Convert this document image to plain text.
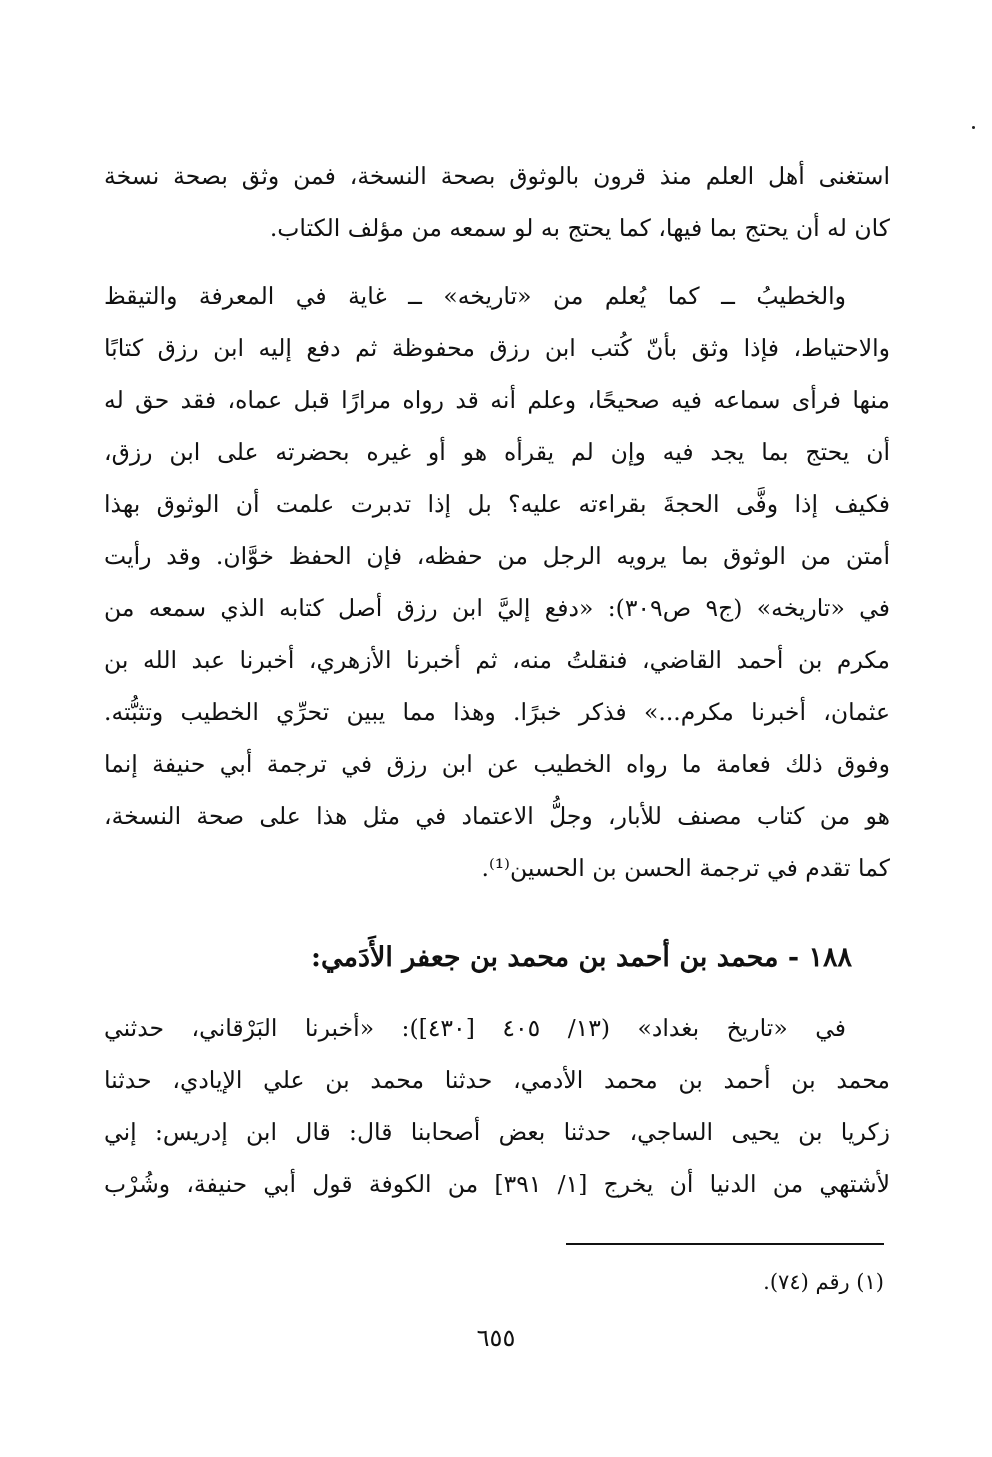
استغنى أهل العلم منذ قرون بالوثوق بصحة النسخة، فمن وثق بصحة نسخة
كان له أن يحتج بما فيها، كما يحتج به لو سمعه من مؤلف الكتاب.
والخطيبُ ــ كما يُعلم من «تاريخه» ــ غاية في المعرفة والتيقظ
والاحتياط، فإذا وثق بأنّ كُتب ابن رزق محفوظة ثم دفع إليه ابن رزق كتابًا
منها فرأى سماعه فيه صحيحًا، وعلم أنه قد رواه مرارًا قبل عماه، فقد حق له
أن يحتج بما يجد فيه وإن لم يقرأه هو أو غيره بحضرته على ابن رزق،
فكيف إذا وفَّى الحجةَ بقراءته عليه؟ بل إذا تدبرت علمت أن الوثوق بهذا
أمتن من الوثوق بما يرويه الرجل من حفظه، فإن الحفظ خوَّان. وقد رأيت
في «تاريخه» (ج٩ ص٣٠٩): «دفع إليَّ ابن رزق أصل كتابه الذي سمعه من
مكرم بن أحمد القاضي، فنقلتُ منه، ثم أخبرنا الأزهري، أخبرنا عبد الله بن
عثمان، أخبرنا مكرم...» فذكر خبرًا. وهذا مما يبين تحرِّي الخطيب وتثبُّته.
وفوق ذلك فعامة ما رواه الخطيب عن ابن رزق في ترجمة أبي حنيفة إنما
هو من كتاب مصنف للأبار، وجلُّ الاعتماد في مثل هذا على صحة النسخة،
كما تقدم في ترجمة الحسن بن الحسين⁽¹⁾.
١٨٨ - محمد بن أحمد بن محمد بن جعفر الأَدَمي:
في «تاريخ بغداد» (١٣/ ٤٠٥ [٤٣٠]): «أخبرنا البَرْقاني، حدثني
محمد بن أحمد بن محمد الأدمي، حدثنا محمد بن علي الإيادي، حدثنا
زكريا بن يحيى الساجي، حدثنا بعض أصحابنا قال: قال ابن إدريس: إني
لأشتهي من الدنيا أن يخرج [١/ ٣٩١] من الكوفة قول أبي حنيفة، وشُرْب
(١) رقم (٧٤).
٦٥٥
